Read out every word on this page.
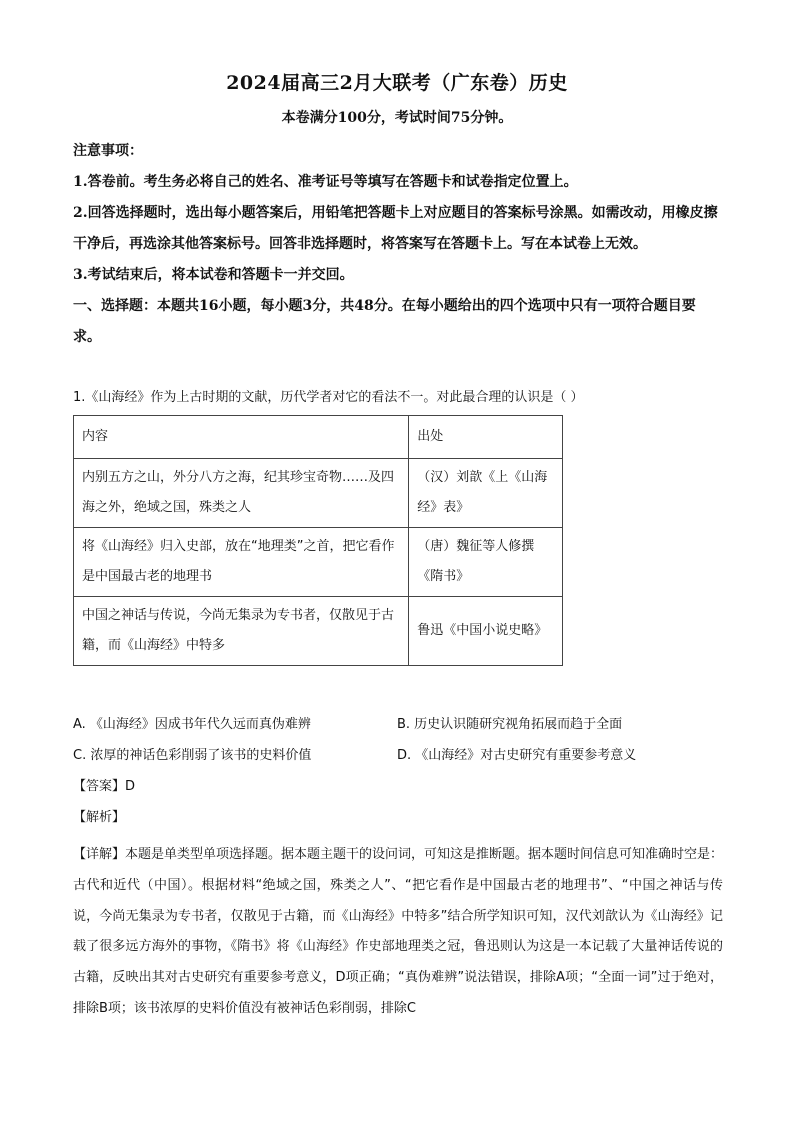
2024届高三2月大联考（广东卷）历史
本卷满分100分，考试时间75分钟。

注意事项：

1.答卷前。考生务必将自己的姓名、准考证号等填写在答题卡和试卷指定位置上。

2.回答选择题时，选出每小题答案后，用铅笔把答题卡上对应题目的答案标号涂黑。如需改动，用橡皮擦干净后，再选涂其他答案标号。回答非选择题时，将答案写在答题卡上。写在本试卷上无效。

3.考试结束后，将本试卷和答题卡一并交回。

一、选择题：本题共16小题，每小题3分，共48分。在每小题给出的四个选项中只有一项符合题目要求。

1.《山海经》作为上古时期的文献，历代学者对它的看法不一。对此最合理的认识是（ ）
内容	出处
内别五方之山，外分八方之海，纪其珍宝奇物……及四海之外，绝域之国，殊类之人	（汉）刘歆《上《山海经》表》
将《山海经》归入史部，放在“地理类”之首，把它看作是中国最古老的地理书	（唐）魏征等人修撰《隋书》
中国之神话与传说，今尚无集录为专书者，仅散见于古籍，而《山海经》中特多	鲁迅《中国小说史略》
A. 《山海经》因成书年代久远而真伪难辨	B. 历史认识随研究视角拓展而趋于全面
C. 浓厚的神话色彩削弱了该书的史料价值	D. 《山海经》对古史研究有重要参考意义
【答案】D
【解析】
【详解】本题是单类型单项选择题。据本题主题干的设问词，可知这是推断题。据本题时间信息可知准确时空是：古代和近代（中国）。根据材料“绝域之国，殊类之人”、“把它看作是中国最古老的地理书”、“中国之神话与传说，今尚无集录为专书者，仅散见于古籍，而《山海经》中特多”结合所学知识可知，汉代刘歆认为《山海经》记载了很多远方海外的事物，《隋书》将《山海经》作史部地理类之冠，鲁迅则认为这是一本记载了大量神话传说的古籍，反映出其对古史研究有重要参考意义，D项正确；“真伪难辨”说法错误，排除A项；“全面一词”过于绝对，排除B项；该书浓厚的史料价值没有被神话色彩削弱，排除C
